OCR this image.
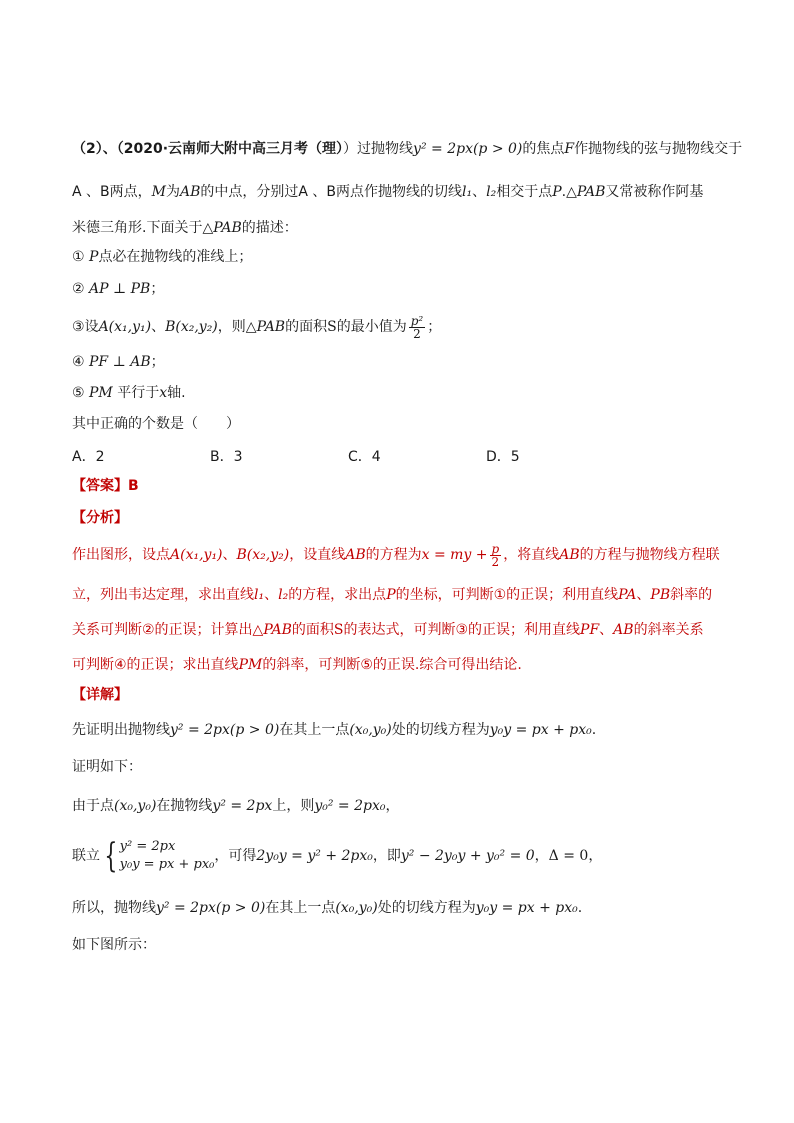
（2）、（2020·云南师大附中高三月考（理））过抛物线y² = 2px(p > 0)的焦点F作抛物线的弦与抛物线交于
A 、B两点，M为AB的中点，分别过A 、B两点作抛物线的切线l₁、l₂相交于点P.△PAB又常被称作阿基
米德三角形.下面关于△PAB的描述：
① P点必在抛物线的准线上；
② AP ⊥ PB；
③设A(x₁,y₁)、B(x₂,y₂)，则△PAB的面积S的最小值为 $\frac{\text{p²}}{2}$ ；
④ PF ⊥ AB；
⑤ PM 平行于x轴.
其中正确的个数是（　　）
A．2	B．3	C．4	D．5
【答案】B
【分析】
作出图形，设点A(x₁,y₁)、B(x₂,y₂)，设直线AB的方程为x = my + $\frac{p}{2}$ ，将直线AB的方程与抛物线方程联
立，列出韦达定理，求出直线l₁、l₂的方程，求出点P的坐标，可判断①的正误；利用直线PA、PB斜率的
关系可判断②的正误；计算出△PAB的面积S的表达式，可判断③的正误；利用直线PF、AB的斜率关系
可判断④的正误；求出直线PM的斜率，可判断⑤的正误.综合可得出结论.
【详解】
先证明出抛物线y² = 2px(p > 0)在其上一点(x₀,y₀)处的切线方程为y₀y = px + px₀.
证明如下：
由于点(x₀,y₀)在抛物线y² = 2px上，则y₀² = 2px₀，
联立 { y² = 2px
y₀y = px + px₀
，可得2y₀y = y² + 2px₀，即y² − 2y₀y + y₀² = 0，Δ = 0，
所以，抛物线y² = 2px(p > 0)在其上一点(x₀,y₀)处的切线方程为y₀y = px + px₀.
如下图所示：
